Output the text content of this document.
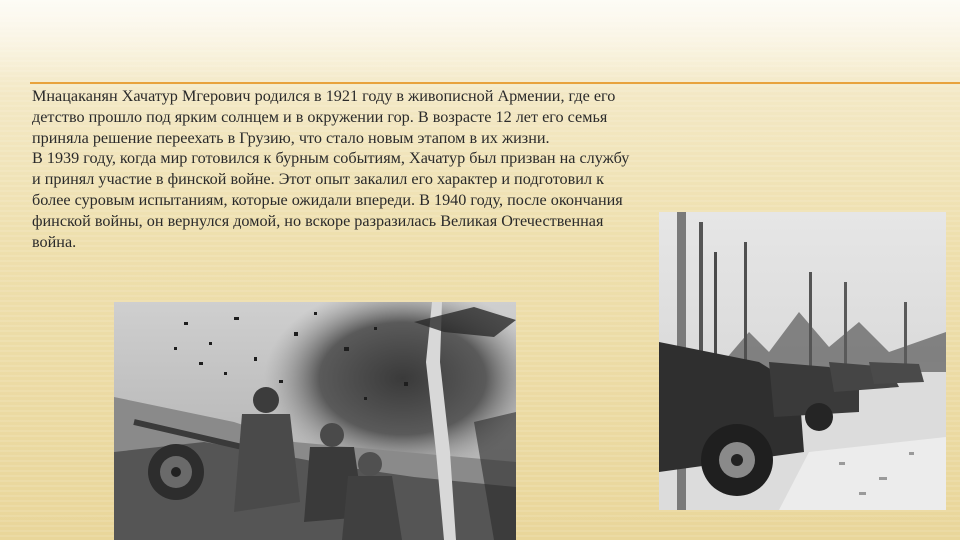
Мнацаканян Хачатур Мгерович родился в 1921 году в живописной Армении, где его детство прошло под ярким солнцем и в окружении гор. В возрасте 12 лет его семья приняла решение переехать в Грузию, что стало новым этапом в их жизни.

В 1939 году, когда мир готовился к бурным событиям, Хачатур был призван на службу и принял участие в финской войне. Этот опыт закалил его характер и подготовил к более суровым испытаниям, которые ожидали впереди. В 1940 году, после окончания финской войны, он вернулся домой, но вскоре разразилась Великая Отечественная война.
